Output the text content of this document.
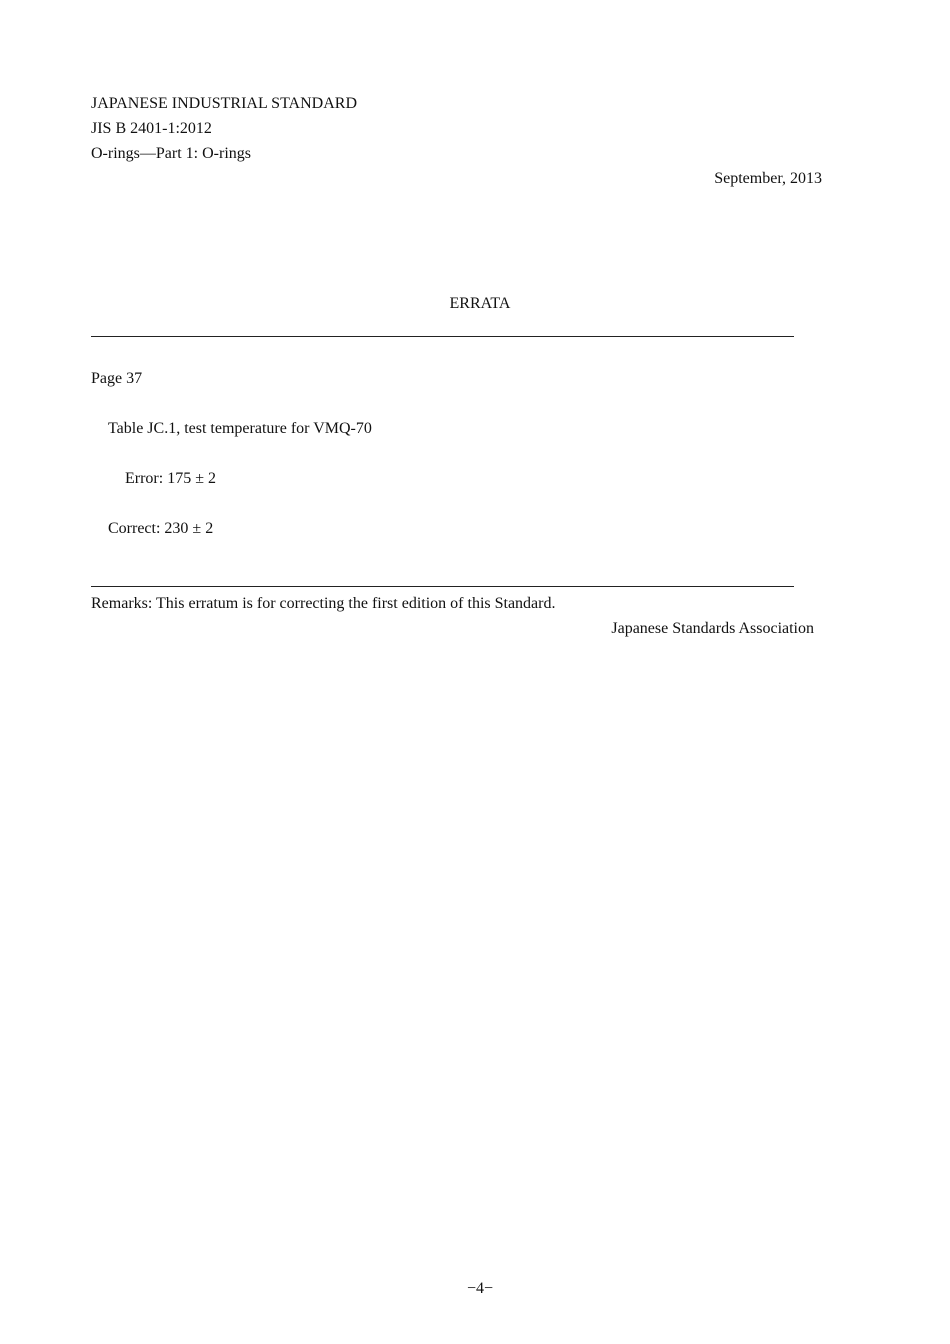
JAPANESE INDUSTRIAL STANDARD
JIS B 2401-1:2012
O-rings—Part 1: O-rings
September, 2013
ERRATA
Page 37
Table JC.1, test temperature for VMQ-70
Error: 175 ± 2
Correct: 230 ± 2
Remarks: This erratum is for correcting the first edition of this Standard.
Japanese Standards Association
−4−
